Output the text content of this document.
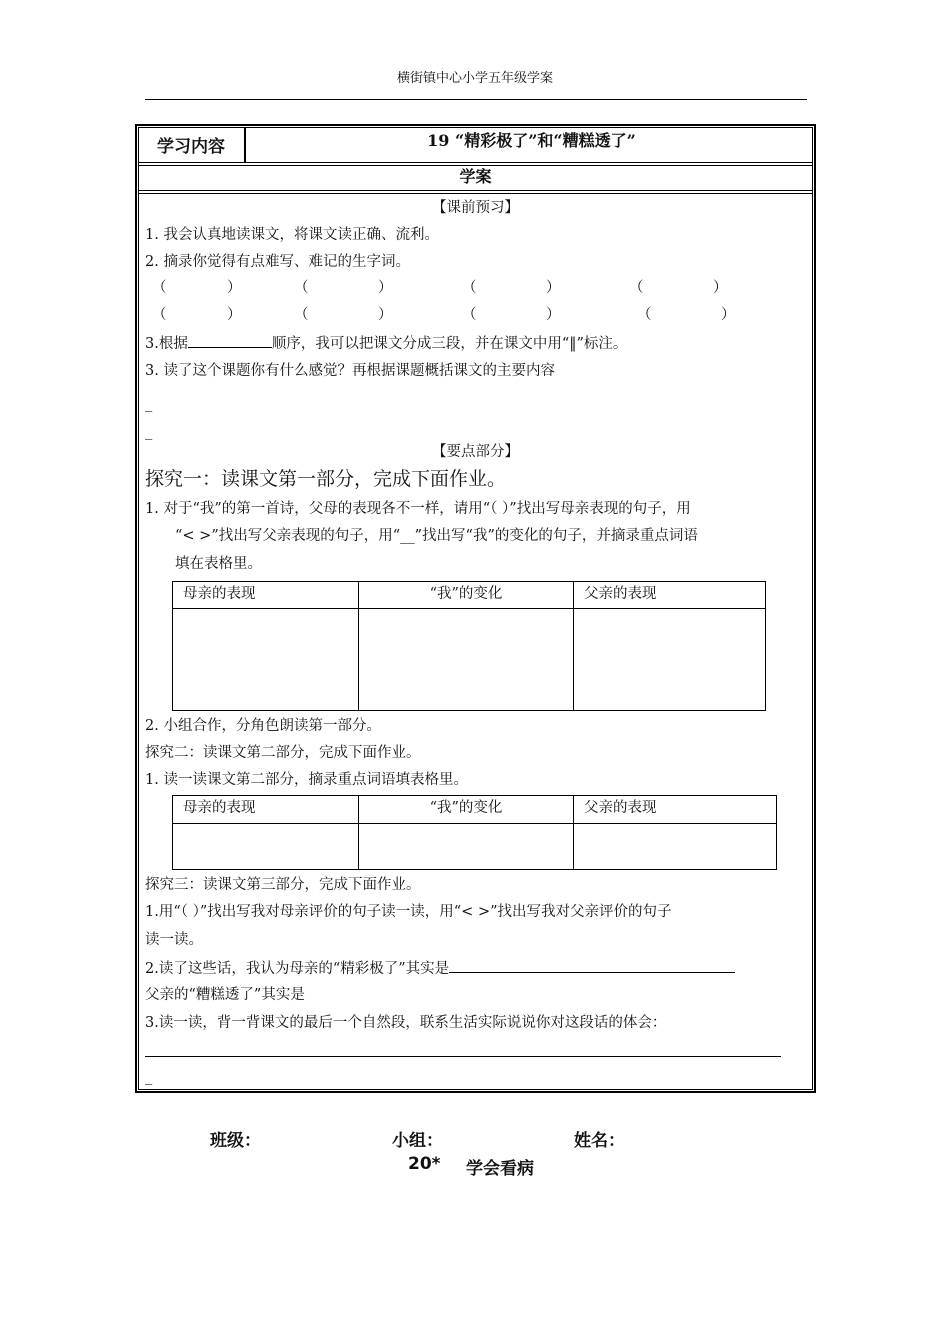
横街镇中心小学五年级学案
学习内容	19 “精彩极了”和“糟糕透了”
学案
【课前预习】
1. 我会认真地读课文，将课文读正确、流利。
2. 摘录你觉得有点难写、难记的生字词。
（	）	（	）	（	）	（	）
（	）	（	）	（	）	（	）
3.根据	顺序，我可以把课文分成三段，并在课文中用“‖”标注。
3. 读了这个课题你有什么感觉？再根据课题概括课文的主要内容
_
_
【要点部分】
探究一：读课文第一部分，完成下面作业。
1. 对于“我”的第一首诗，父母的表现各不一样，请用“（ ）”找出写母亲表现的句子，用
“< >”找出写父亲表现的句子，用“__”找出写“我”的变化的句子，并摘录重点词语
填在表格里。
母亲的表现	“我”的变化	父亲的表现

2. 小组合作，分角色朗读第一部分。
探究二：读课文第二部分，完成下面作业。
1. 读一读课文第二部分，摘录重点词语填表格里。
母亲的表现	“我”的变化	父亲的表现

探究三：读课文第三部分，完成下面作业。
1.用“（ ）”找出写我对母亲评价的句子读一读，用“< >”找出写我对父亲评价的句子
读一读。
2.读了这些话，我认为母亲的“精彩极了”其实是
父亲的“糟糕透了”其实是
3.读一读，背一背课文的最后一个自然段，联系生活实际说说你对这段话的体会：
_
班级：	小组：	姓名：
20* 学会看病
